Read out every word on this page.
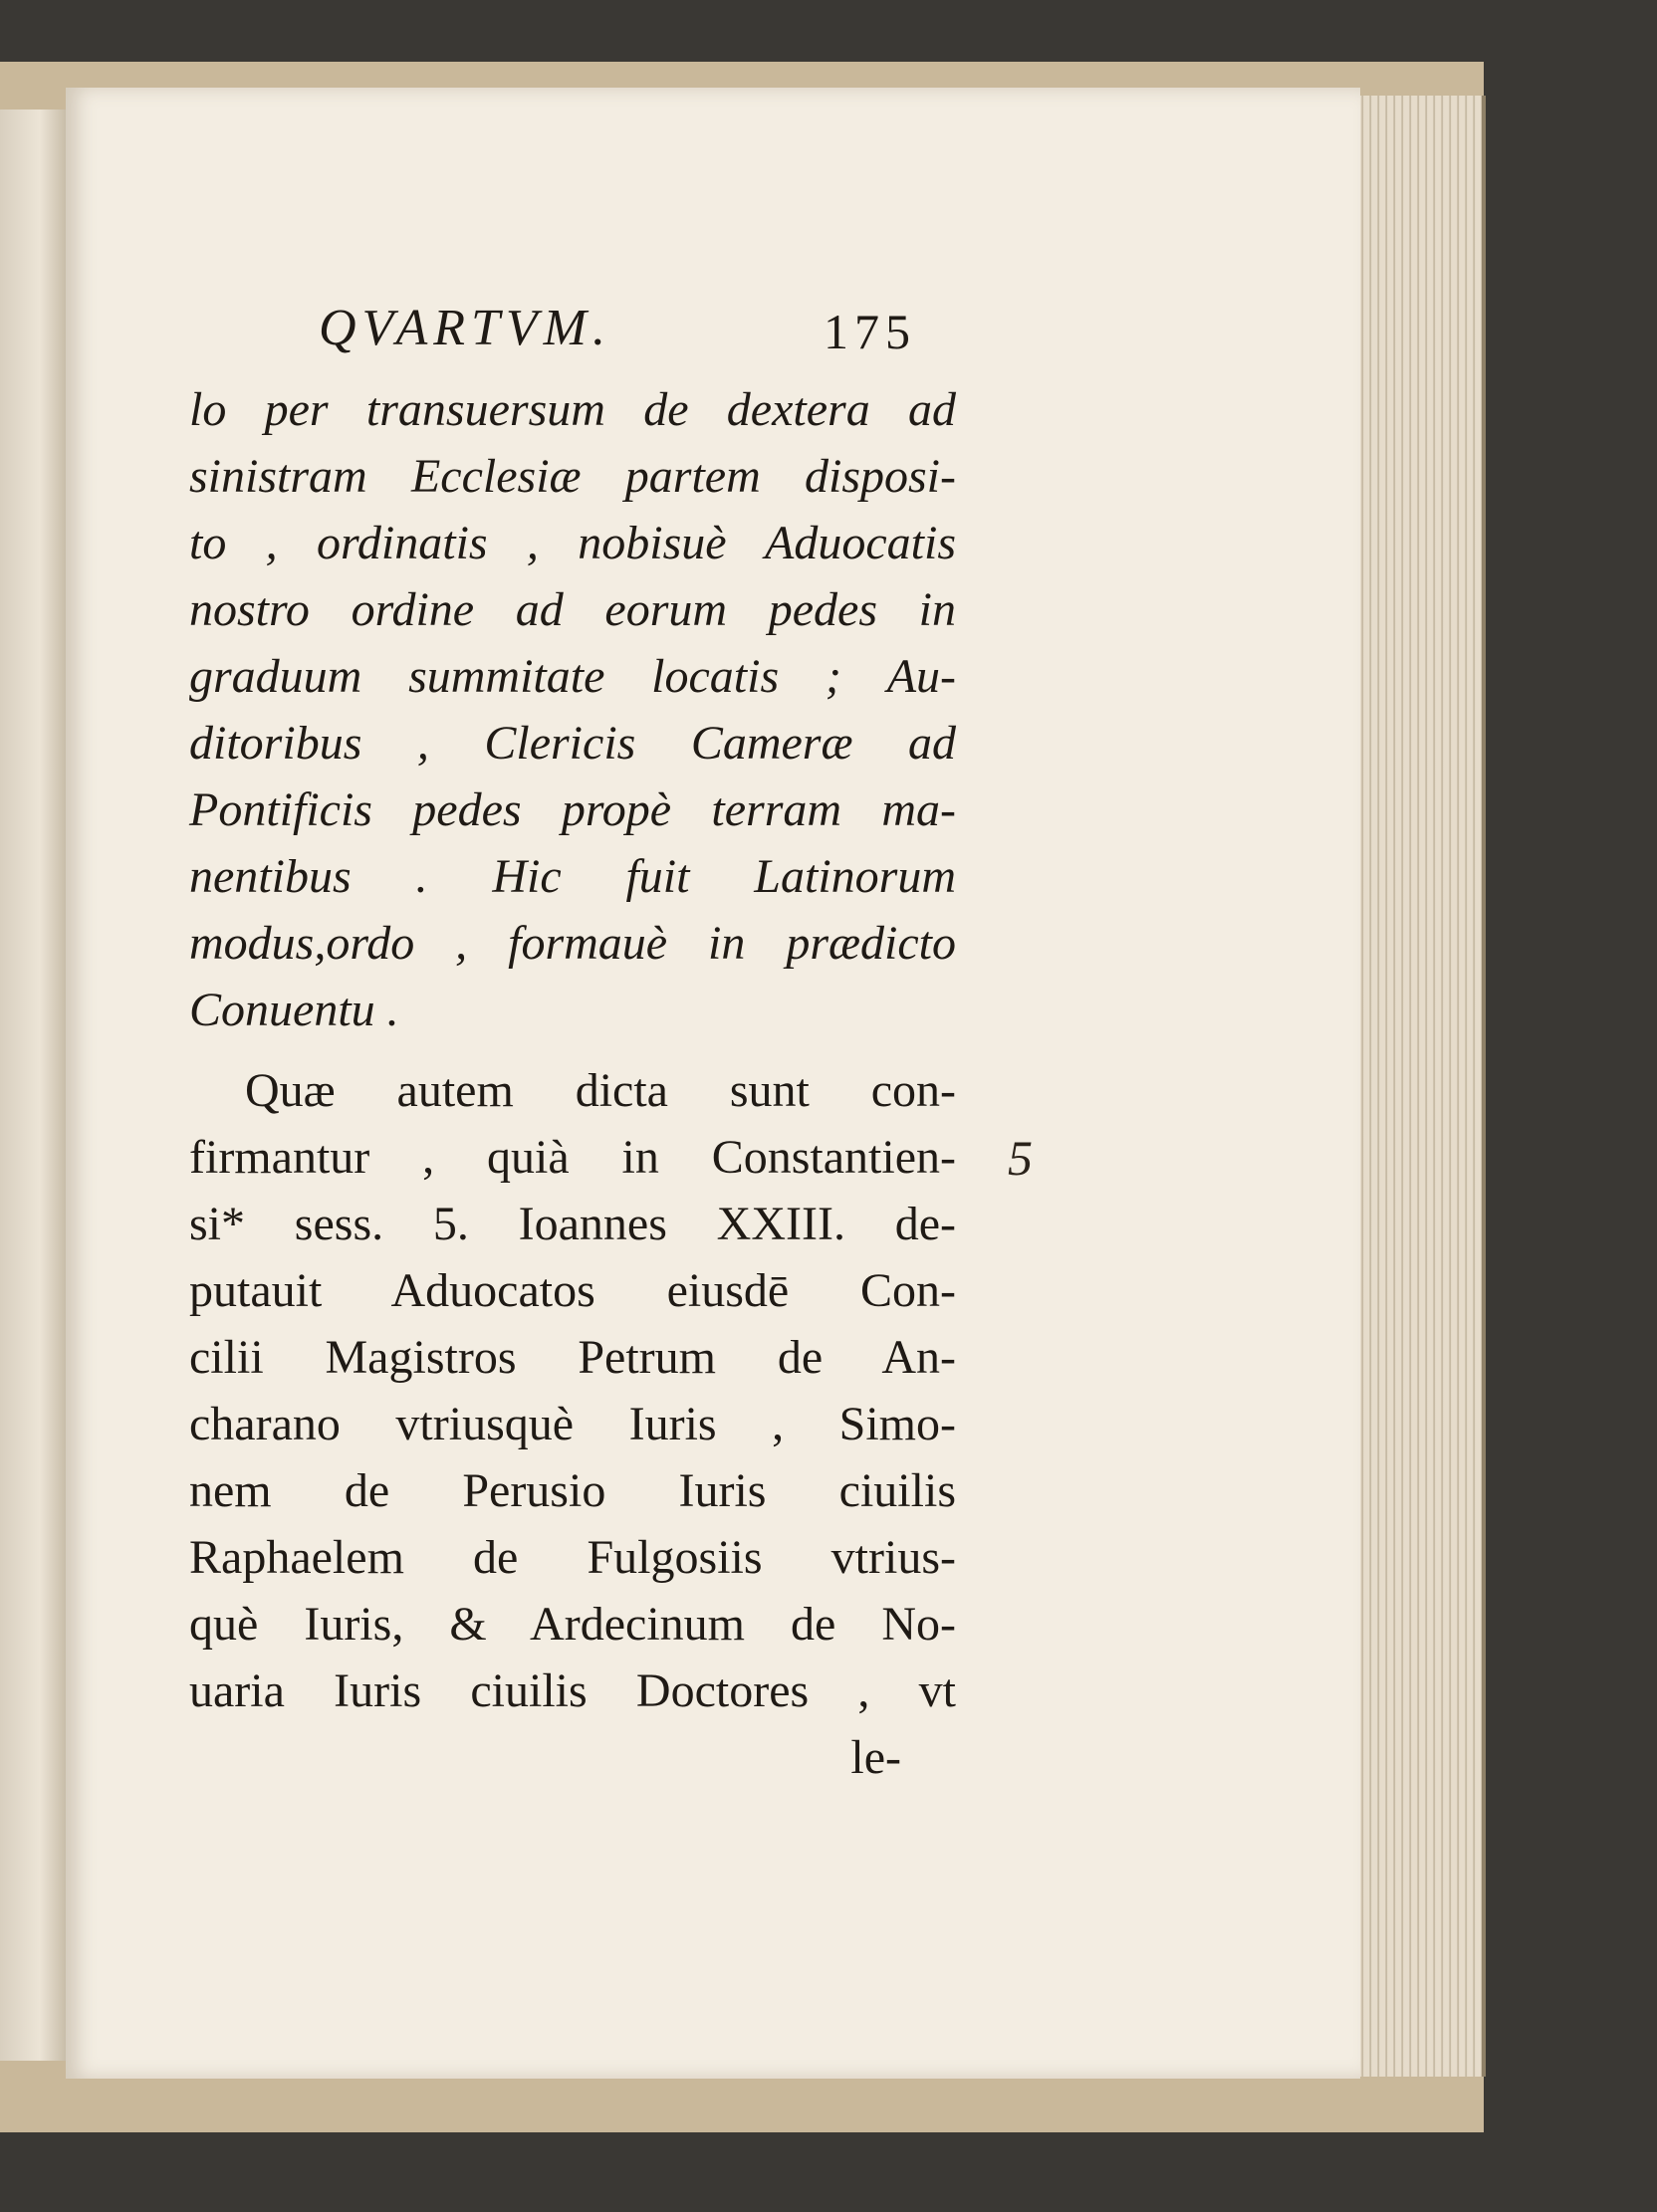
QVARTVM.	175
lo per transuersum de dextera ad
sinistram Ecclesiæ partem disposi-
to , ordinatis , nobisuè Aduocatis
nostro ordine ad eorum pedes in
graduum summitate locatis ; Au-
ditoribus , Clericis Cameræ ad
Pontificis pedes propè terram ma-
nentibus . Hic fuit Latinorum
modus,ordo , formauè in prædicto
Conuentu .
Quæ autem dicta sunt con-
firmantur , quià in Constantien-
si* sess. 5. Ioannes XXIII. de-
putauit Aduocatos eiusdē Con-
cilii Magistros Petrum de An-
charano vtriusquè Iuris , Simo-
nem de Perusio Iuris ciuilis
Raphaelem de Fulgosiis vtrius-
què Iuris, & Ardecinum de No-
uaria Iuris ciuilis Doctores , vt
le-
5
